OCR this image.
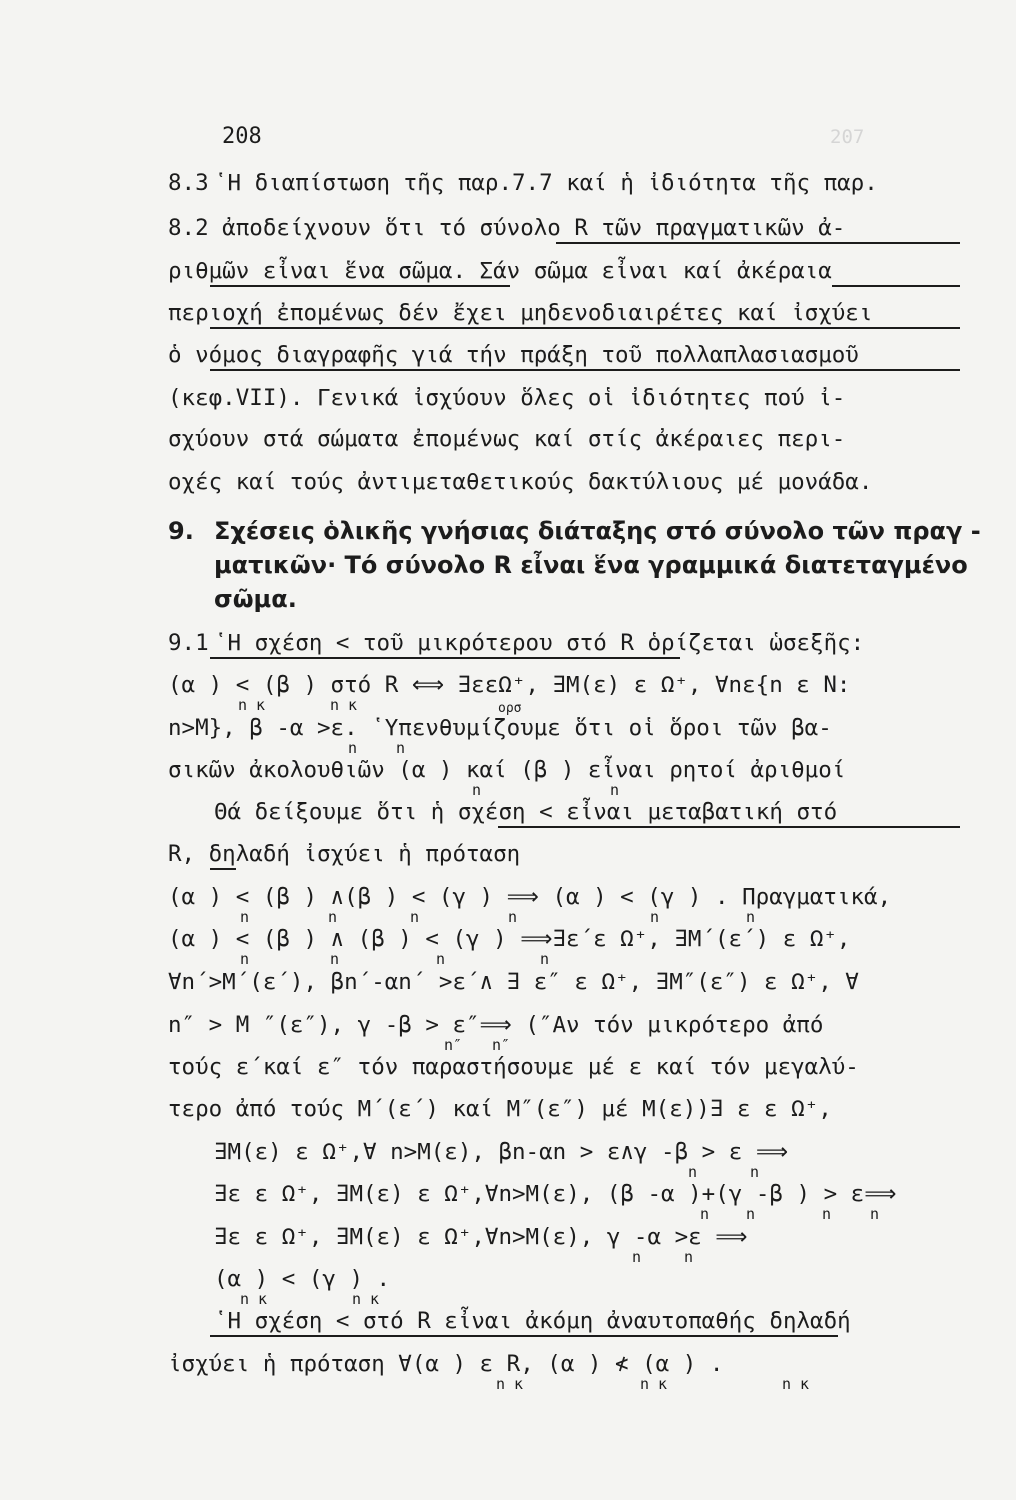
207
208
8.3 ῾Η διαπίστωση τῆς παρ.7.7 καί ἡ ἰδιότητα τῆς παρ.
8.2 ἀποδείχνουν ὅτι τό σύνολο R τῶν πραγματικῶν ἀ-
ριθμῶν εἶναι ἕνα σῶμα. Σάν σῶμα εἶναι καί ἀκέραια
περιοχή ἐπομένως δέν ἔχει μηδενοδιαιρέτες καί ἰσχύει
ὁ νόμος διαγραφῆς γιά τήν πράξη τοῦ πολλαπλασιασμοῦ
(κεφ.VII). Γενικά ἰσχύουν ὅλες οἱ ἰδιότητες πού ἰ-
σχύουν στά σώματα ἐπομένως καί στίς ἀκέραιες περι-
οχές καί τούς ἀντιμεταθετικούς δακτύλιους μέ μονάδα.
9. Σχέσεις ὁλικῆς γνήσιας διάταξης στό σύνολο τῶν πραγ -
ματικῶν· Τό σύνολο R εἶναι ἕνα γραμμικά διατεταγμένο
σῶμα.
9.1 ῾Η σχέση < τοῦ μικρότερου στό R ὁρίζεται ὡσεξῆς:
(α ) < (β ) στό R ⟺ ∃εεΩ⁺, ∃Μ(ε) ε Ω⁺, ∀nε{n ε N:
n κ	n κ	ορσ
n>M}, β -α >ε. ῾Υπενθυμίζουμε ὅτι οἱ ὅροι τῶν βα-
n	n
σικῶν ἀκολουθιῶν (α ) καί (β ) εἶναι ρητοί ἀριθμοί
n	n
Θά δείξουμε ὅτι ἡ σχέση < εἶναι μεταβατική στό
R, δηλαδή ἰσχύει ἡ πρόταση
(α ) < (β ) ∧(β ) < (γ ) ⟹ (α ) < (γ ) . Πραγματικά,
n	n	n	n	n	n
(α ) < (β ) ∧ (β ) < (γ ) ⟹∃ε΄ε Ω⁺, ∃Μ΄(ε΄) ε Ω⁺,
n	n	n	n
∀n΄>Μ΄(ε΄), βn΄-αn΄ >ε΄∧ ∃ ε″ ε Ω⁺, ∃Μ″(ε″) ε Ω⁺, ∀
n″ > M ″(ε″), γ -β > ε″⟹ (″Αν τόν μικρότερο ἀπό
n″ n″
τούς ε΄καί ε″ τόν παραστήσουμε μέ ε καί τόν μεγαλύ-
τερο ἀπό τούς Μ΄(ε΄) καί Μ″(ε″) μέ Μ(ε))∃ ε ε Ω⁺,
∃Μ(ε) ε Ω⁺,∀ n>Μ(ε), βn-αn > ε∧γ -β > ε ⟹
n	n
∃ε ε Ω⁺, ∃Μ(ε) ε Ω⁺,∀n>Μ(ε), (β -α )+(γ -β ) > ε⟹
n n	n	n
∃ε ε Ω⁺, ∃Μ(ε) ε Ω⁺,∀n>Μ(ε), γ -α >ε ⟹
n	n
(α ) < (γ ) .
n κ	n κ
῾Η σχέση < στό R εἶναι ἀκόμη ἀναυτοπαθής δηλαδή
ἰσχύει ἡ πρόταση ∀(α ) ε R, (α ) ≮ (α ) .
n κ	n κ	n κ
